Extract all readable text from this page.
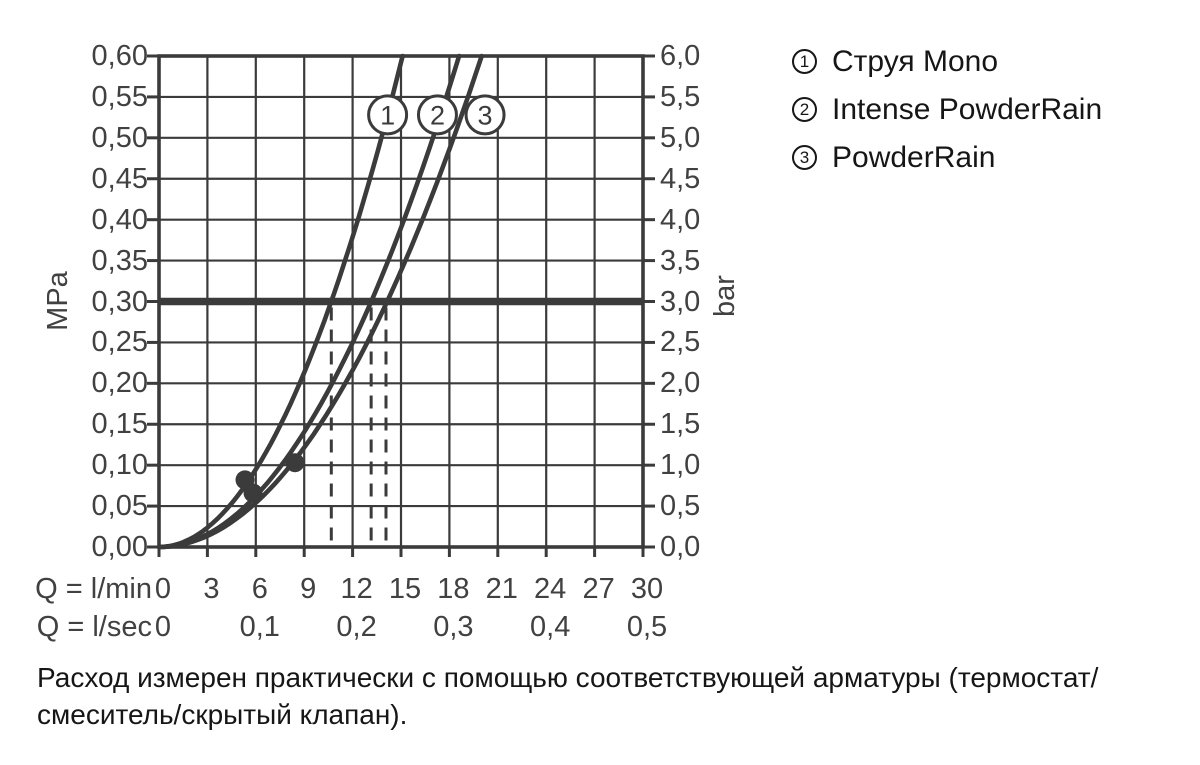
1 2 3
0,00	0,0
0,05	0,5
0,10	1,0
0,15	1,5
0,20	2,0
0,25	2,5
0,30	3,0
0,35	3,5
0,40	4,0
0,45	4,5
0,50	5,0
0,55	5,5
0,60	6,0
0	3	6	9 12 15 18 21 24 27 30
0	0,1	0,2	0,3	0,4	0,5
MPa	bar
Q = l/min
Q = l/sec
1 Струя Mono
2 Intense PowderRain
3 PowderRain
Расход измерен практически с помощью соответствующей арматуры (термостат/
смеситель/скрытый клапан).
